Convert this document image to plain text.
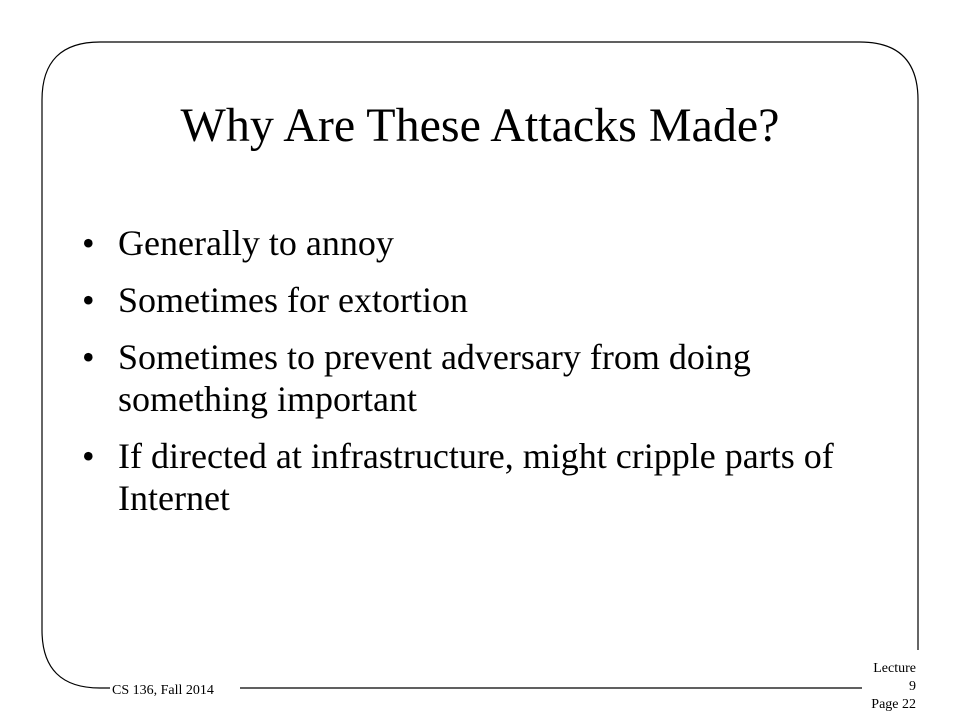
Why Are These Attacks Made?
• Generally to annoy
• Sometimes for extortion
• Sometimes to prevent adversary from doing something important
• If directed at infrastructure, might cripple parts of Internet
CS 136, Fall 2014
Lecture 9
Page 22
